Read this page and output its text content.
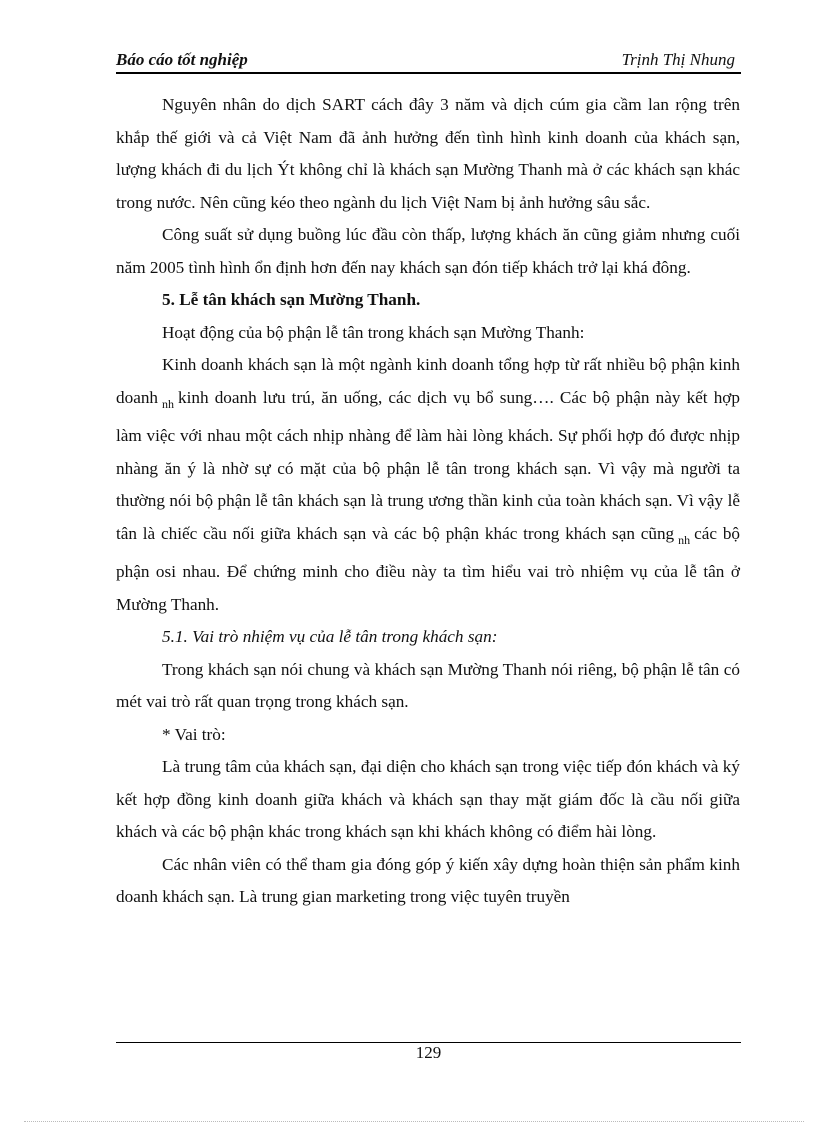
Báo cáo tốt nghiệp	Trịnh Thị Nhung

Nguyên nhân do dịch SART cách đây 3 năm và dịch cúm gia cầm lan rộng trên khắp thế giới và cả Việt Nam đã ảnh hưởng đến tình hình kinh doanh của khách sạn, lượng khách đi du lịch Ýt không chỉ là khách sạn Mường Thanh mà ở các khách sạn khác trong nước. Nên cũng kéo theo ngành du lịch Việt Nam bị ảnh hưởng sâu sắc.

Công suất sử dụng buồng lúc đầu còn thấp, lượng khách ăn cũng giảm nhưng cuối năm 2005 tình hình ổn định hơn đến nay khách sạn đón tiếp khách trở lại khá đông.

5. Lễ tân khách sạn Mường Thanh.

Hoạt động của bộ phận lễ tân trong khách sạn Mường Thanh:

Kinh doanh khách sạn là một ngành kinh doanh tổng hợp từ rất nhiều bộ phận kinh doanh $_{nh}$ kinh doanh lưu trú, ăn uống, các dịch vụ bổ sung…. Các bộ phận này kết hợp làm việc với nhau một cách nhịp nhàng để làm hài lòng khách. Sự phối hợp đó được nhịp nhàng ăn ý là nhờ sự có mặt của bộ phận lễ tân trong khách sạn. Vì vậy mà người ta thường nói bộ phận lễ tân khách sạn là trung ương thần kinh của toàn khách sạn. Vì vậy lễ tân là chiếc cầu nối giữa khách sạn và các bộ phận khác trong khách sạn cũng $_{nh}$ các bộ phận osi nhau. Để chứng minh cho điều này ta tìm hiểu vai trò nhiệm vụ của lễ tân ở Mường Thanh.

5.1. Vai trò nhiệm vụ của lễ tân trong khách sạn:

Trong khách sạn nói chung và khách sạn Mường Thanh nói riêng, bộ phận lễ tân có mét vai trò rất quan trọng trong khách sạn.

* Vai trò:

Là trung tâm của khách sạn, đại diện cho khách sạn trong việc tiếp đón khách và ký kết hợp đồng kinh doanh giữa khách và khách sạn thay mặt giám đốc là cầu nối giữa khách và các bộ phận khác trong khách sạn khi khách không có điểm hài lòng.

Các nhân viên có thể tham gia đóng góp ý kiến xây dựng hoàn thiện sản phẩm kinh doanh khách sạn. Là trung gian marketing trong việc tuyên truyền

129
